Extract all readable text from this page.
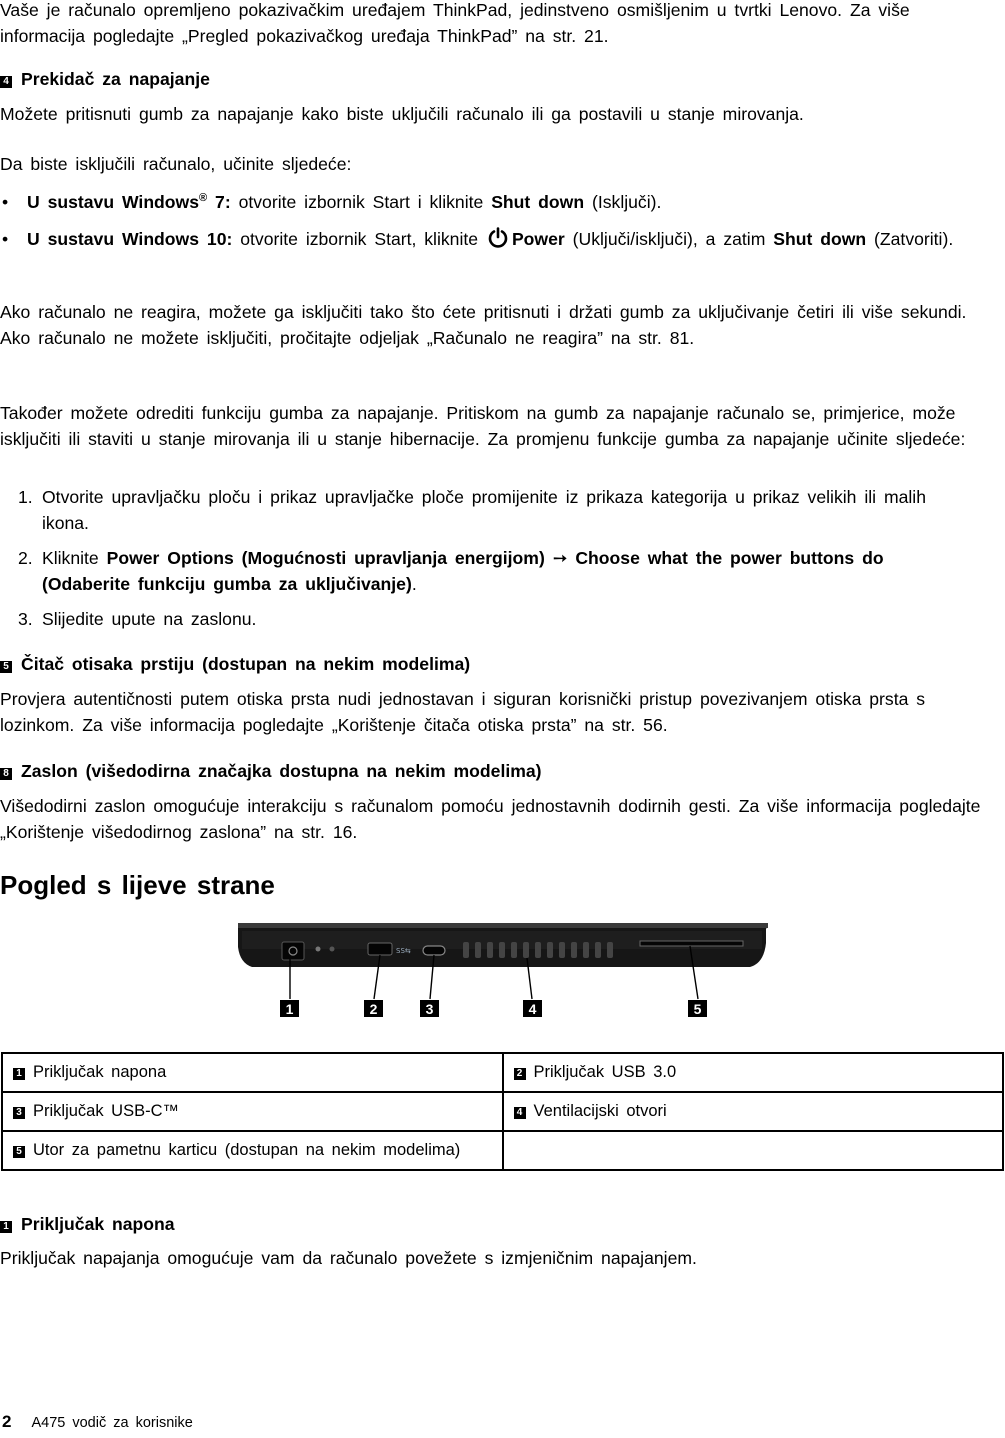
Vaše je računalo opremljeno pokazivačkim uređajem ThinkPad, jedinstveno osmišljenim u tvrtki Lenovo. Za više informacija pogledajte „Pregled pokazivačkog uređaja ThinkPad” na str. 21.

4 Prekidač za napajanje

Možete pritisnuti gumb za napajanje kako biste uključili računalo ili ga postavili u stanje mirovanja.

Da biste isključili računalo, učinite sljedeće:

• U sustavu Windows® 7: otvorite izbornik Start i kliknite Shut down (Isključi).
• U sustavu Windows 10: otvorite izbornik Start, kliknite Power (Uključi/isključi), a zatim Shut down (Zatvoriti).

Ako računalo ne reagira, možete ga isključiti tako što ćete pritisnuti i držati gumb za uključivanje četiri ili više sekundi. Ako računalo ne možete isključiti, pročitajte odjeljak „Računalo ne reagira” na str. 81.

Također možete odrediti funkciju gumba za napajanje. Pritiskom na gumb za napajanje računalo se, primjerice, može isključiti ili staviti u stanje mirovanja ili u stanje hibernacije. Za promjenu funkcije gumba za napajanje učinite sljedeće:

1. Otvorite upravljačku ploču i prikaz upravljačke ploče promijenite iz prikaza kategorija u prikaz velikih ili malih ikona.
2. Kliknite Power Options (Mogućnosti upravljanja energijom) ➙ Choose what the power buttons do (Odaberite funkciju gumba za uključivanje).
3. Slijedite upute na zaslonu.
5 Čitač otisaka prstiju (dostupan na nekim modelima)

Provjera autentičnosti putem otiska prsta nudi jednostavan i siguran korisnički pristup povezivanjem otiska prsta s lozinkom. Za više informacija pogledajte „Korištenje čitača otiska prsta” na str. 56.

8 Zaslon (višedodirna značajka dostupna na nekim modelima)

Višedodirni zaslon omogućuje interakciju s računalom pomoću jednostavnih dodirnih gesti. Za više informacija pogledajte „Korištenje višedodirnog zaslona” na str. 16.

Pogled s lijeve strane
SS⇆
1	2	3	4	5
1 Priključak napona	2 Priključak USB 3.0
3 Priključak USB-C™	4 Ventilacijski otvori
5 Utor za pametnu karticu (dostupan na nekim modelima)	
1 Priključak napona

Priključak napajanja omogućuje vam da računalo povežete s izmjeničnim napajanjem.

2 A475 vodič za korisnike
